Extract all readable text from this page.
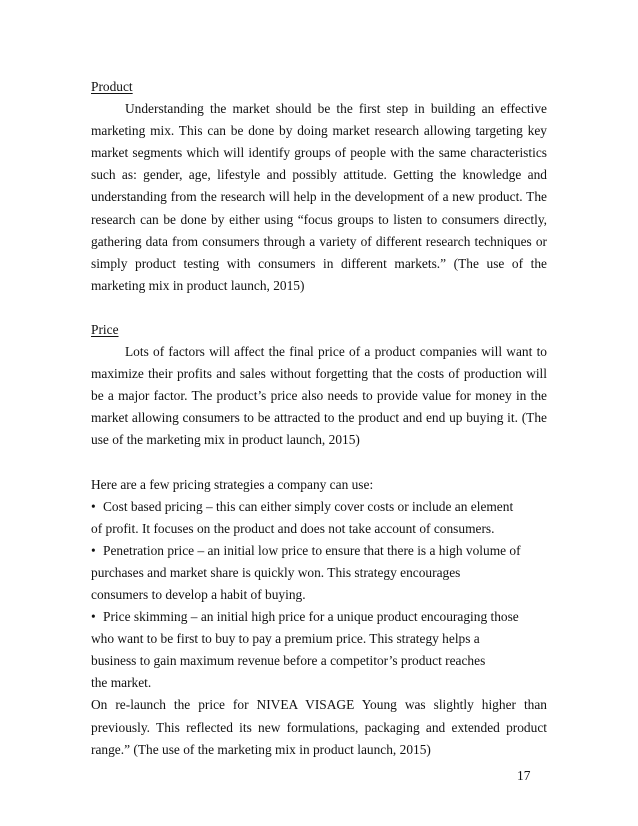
Product

Understanding the market should be the first step in building an effective marketing mix. This can be done by doing market research allowing targeting key market segments which will identify groups of people with the same characteristics such as: gender, age, lifestyle and possibly attitude. Getting the knowledge and understanding from the research will help in the development of a new product. The research can be done by either using “focus groups to listen to consumers directly, gathering data from consumers through a variety of different research techniques or simply product testing with consumers in different markets.” (The use of the marketing mix in product launch, 2015)

Price

Lots of factors will affect the final price of a product companies will want to maximize their profits and sales without forgetting that the costs of production will be a major factor. The product’s price also needs to provide value for money in the market allowing consumers to be attracted to the product and end up buying it. (The use of the marketing mix in product launch, 2015)

Here are a few pricing strategies a company can use:

• Cost based pricing – this can either simply cover costs or include an element

of profit. It focuses on the product and does not take account of consumers.

• Penetration price – an initial low price to ensure that there is a high volume of

purchases and market share is quickly won. This strategy encourages

consumers to develop a habit of buying.

• Price skimming – an initial high price for a unique product encouraging those

who want to be first to buy to pay a premium price. This strategy helps a

business to gain maximum revenue before a competitor’s product reaches

the market.

On re-launch the price for NIVEA VISAGE Young was slightly higher than previously. This reflected its new formulations, packaging and extended product range.” (The use of the marketing mix in product launch, 2015)

17
